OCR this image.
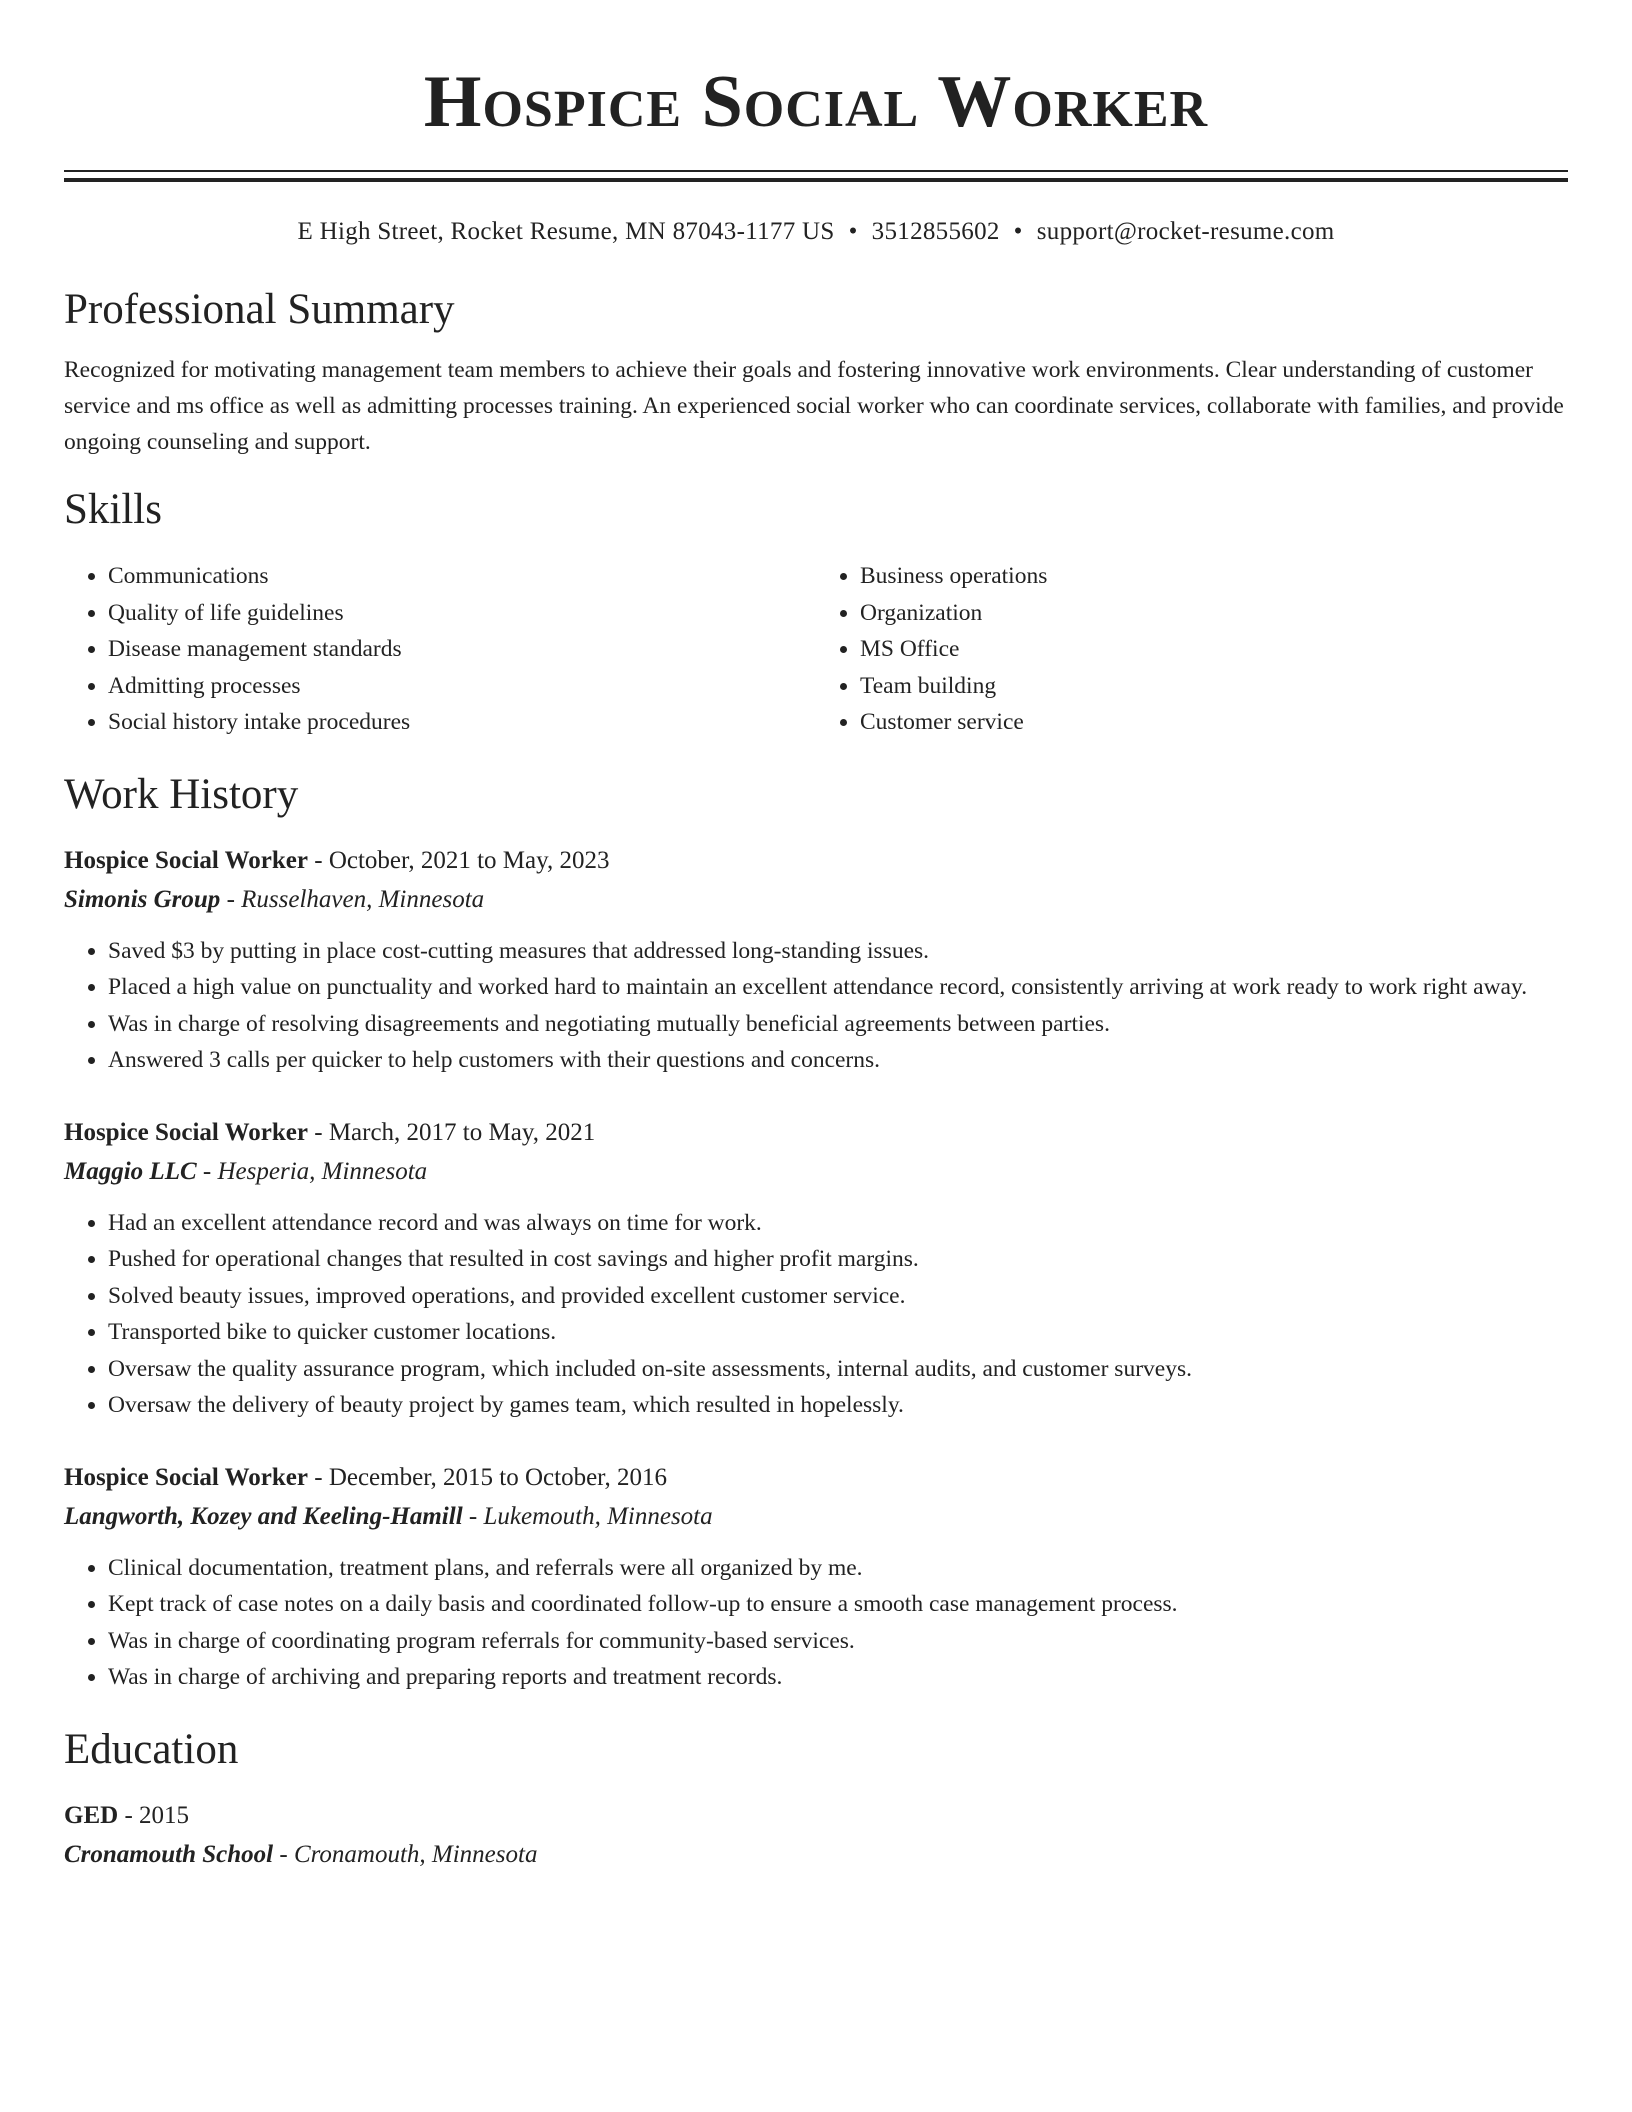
Hospice Social Worker
E High Street, Rocket Resume, MN 87043-1177 US • 3512855602 • support@rocket-resume.com
Professional Summary

Recognized for motivating management team members to achieve their goals and fostering innovative work environments. Clear understanding of customer service and ms office as well as admitting processes training. An experienced social worker who can coordinate services, collaborate with families, and provide ongoing counseling and support.

Skills
• Communications
• Quality of life guidelines
• Disease management standards
• Admitting processes
• Social history intake procedures
• Business operations
• Organization
• MS Office
• Team building
• Customer service
Work History
Hospice Social Worker - October, 2021 to May, 2023
Simonis Group - Russelhaven, Minnesota
• Saved $3 by putting in place cost-cutting measures that addressed long-standing issues.
• Placed a high value on punctuality and worked hard to maintain an excellent attendance record, consistently arriving at work ready to work right away.
• Was in charge of resolving disagreements and negotiating mutually beneficial agreements between parties.
• Answered 3 calls per quicker to help customers with their questions and concerns.
Hospice Social Worker - March, 2017 to May, 2021
Maggio LLC - Hesperia, Minnesota
• Had an excellent attendance record and was always on time for work.
• Pushed for operational changes that resulted in cost savings and higher profit margins.
• Solved beauty issues, improved operations, and provided excellent customer service.
• Transported bike to quicker customer locations.
• Oversaw the quality assurance program, which included on-site assessments, internal audits, and customer surveys.
• Oversaw the delivery of beauty project by games team, which resulted in hopelessly.
Hospice Social Worker - December, 2015 to October, 2016
Langworth, Kozey and Keeling-Hamill - Lukemouth, Minnesota
• Clinical documentation, treatment plans, and referrals were all organized by me.
• Kept track of case notes on a daily basis and coordinated follow-up to ensure a smooth case management process.
• Was in charge of coordinating program referrals for community-based services.
• Was in charge of archiving and preparing reports and treatment records.
Education
GED - 2015
Cronamouth School - Cronamouth, Minnesota
